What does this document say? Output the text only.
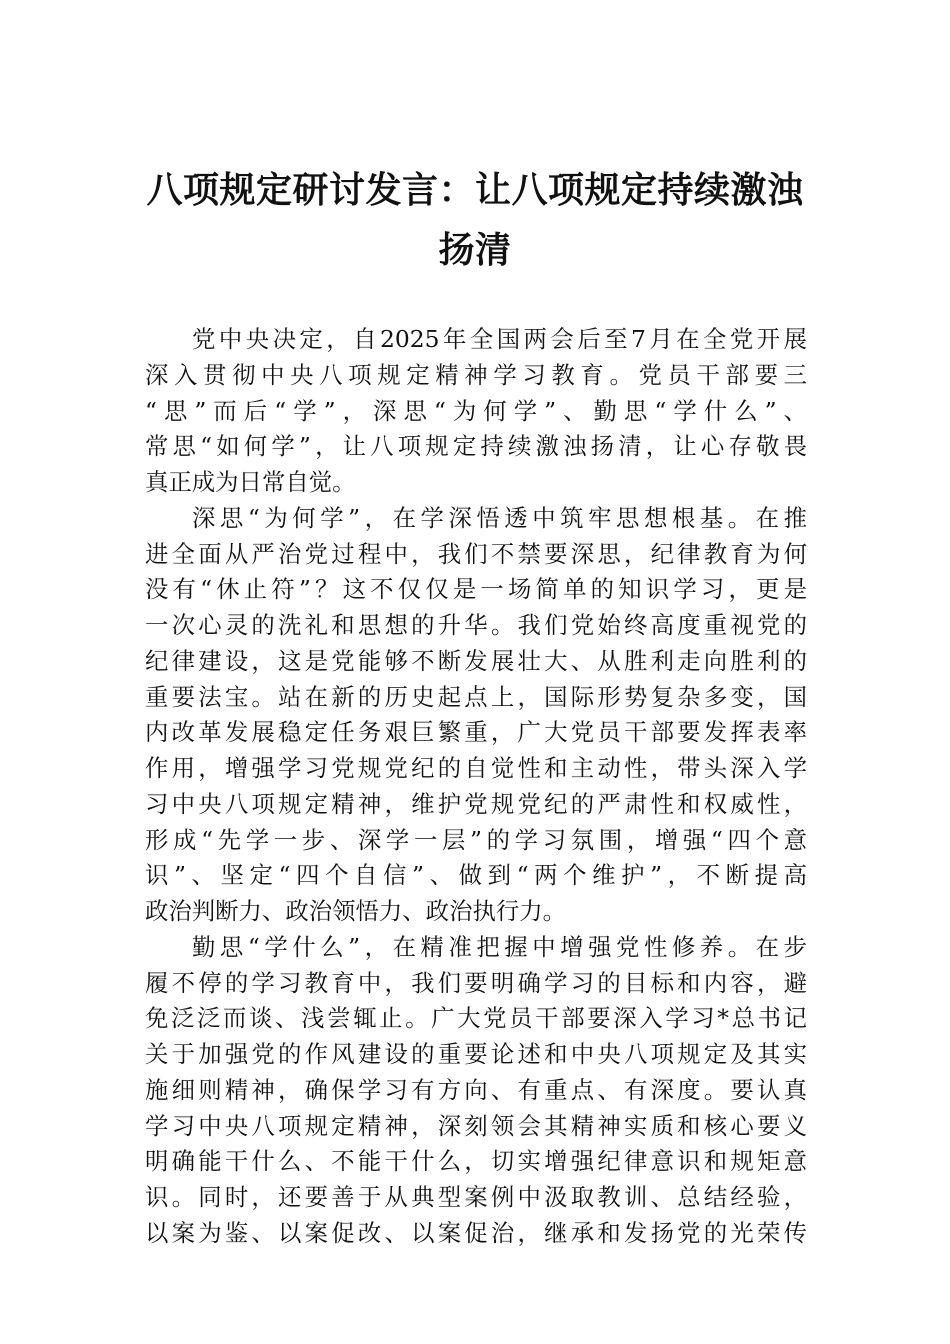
八项规定研讨发言：让八项规定持续激浊
扬清
党中央决定，自2025年全国两会后至7月在全党开展
深入贯彻中央八项规定精神学习教育。党员干部要三
“思”而后“学”，深思“为何学”、勤思“学什么”、
常思“如何学”，让八项规定持续激浊扬清，让心存敬畏
真正成为日常自觉。
深思“为何学”，在学深悟透中筑牢思想根基。在推
进全面从严治党过程中，我们不禁要深思，纪律教育为何
没有“休止符”？这不仅仅是一场简单的知识学习，更是
一次心灵的洗礼和思想的升华。我们党始终高度重视党的
纪律建设，这是党能够不断发展壮大、从胜利走向胜利的
重要法宝。站在新的历史起点上，国际形势复杂多变，国
内改革发展稳定任务艰巨繁重，广大党员干部要发挥表率
作用，增强学习党规党纪的自觉性和主动性，带头深入学
习中央八项规定精神，维护党规党纪的严肃性和权威性，
形成“先学一步、深学一层”的学习氛围，增强“四个意
识”、坚定“四个自信”、做到“两个维护”，不断提高
政治判断力、政治领悟力、政治执行力。
勤思“学什么”，在精准把握中增强党性修养。在步
履不停的学习教育中，我们要明确学习的目标和内容，避
免泛泛而谈、浅尝辄止。广大党员干部要深入学习*总书记
关于加强党的作风建设的重要论述和中央八项规定及其实
施细则精神，确保学习有方向、有重点、有深度。要认真
学习中央八项规定精神，深刻领会其精神实质和核心要义
明确能干什么、不能干什么，切实增强纪律意识和规矩意
识。同时，还要善于从典型案例中汲取教训、总结经验，
以案为鉴、以案促改、以案促治，继承和发扬党的光荣传
